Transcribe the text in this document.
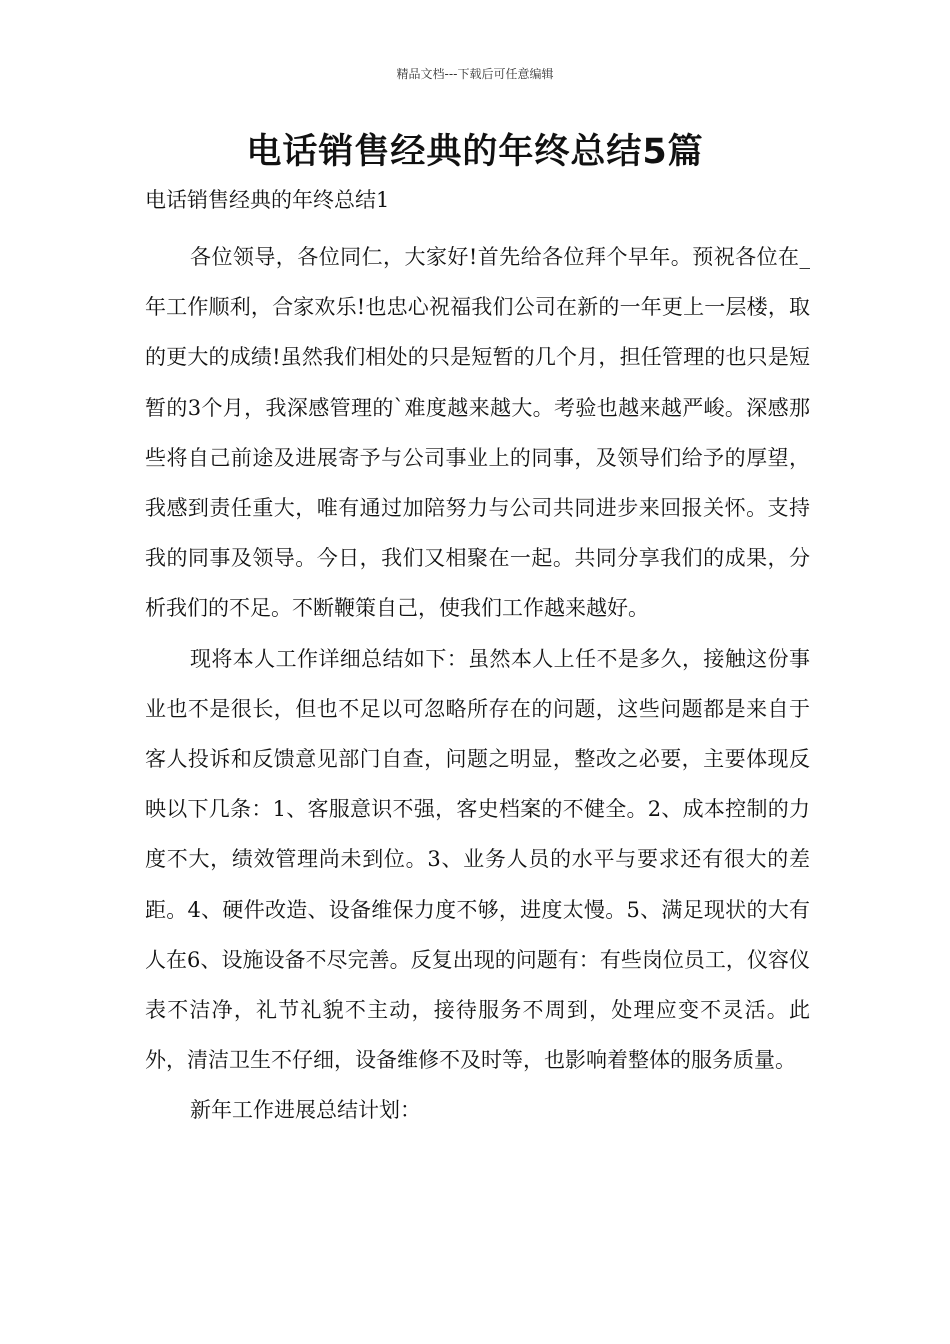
精品文档---下载后可任意编辑
电话销售经典的年终总结5篇
电话销售经典的年终总结1

各位领导，各位同仁，大家好!首先给各位拜个早年。预祝各位在_年工作顺利，合家欢乐!也忠心祝福我们公司在新的一年更上一层楼，取的更大的成绩!虽然我们相处的只是短暂的几个月，担任管理的也只是短暂的3个月，我深感管理的`难度越来越大。考验也越来越严峻。深感那些将自己前途及进展寄予与公司事业上的同事，及领导们给予的厚望，我感到责任重大，唯有通过加陪努力与公司共同进步来回报关怀。支持我的同事及领导。今日，我们又相聚在一起。共同分享我们的成果，分析我们的不足。不断鞭策自己，使我们工作越来越好。

现将本人工作详细总结如下：虽然本人上任不是多久，接触这份事业也不是很长，但也不足以可忽略所存在的问题，这些问题都是来自于客人投诉和反馈意见部门自查，问题之明显，整改之必要，主要体现反映以下几条：1、客服意识不强，客史档案的不健全。2、成本控制的力度不大，绩效管理尚未到位。3、业务人员的水平与要求还有很大的差距。4、硬件改造、设备维保力度不够，进度太慢。5、满足现状的大有人在6、设施设备不尽完善。反复出现的问题有：有些岗位员工，仪容仪表不洁净，礼节礼貌不主动，接待服务不周到，处理应变不灵活。此外，清洁卫生不仔细，设备维修不及时等，也影响着整体的服务质量。

新年工作进展总结计划：
